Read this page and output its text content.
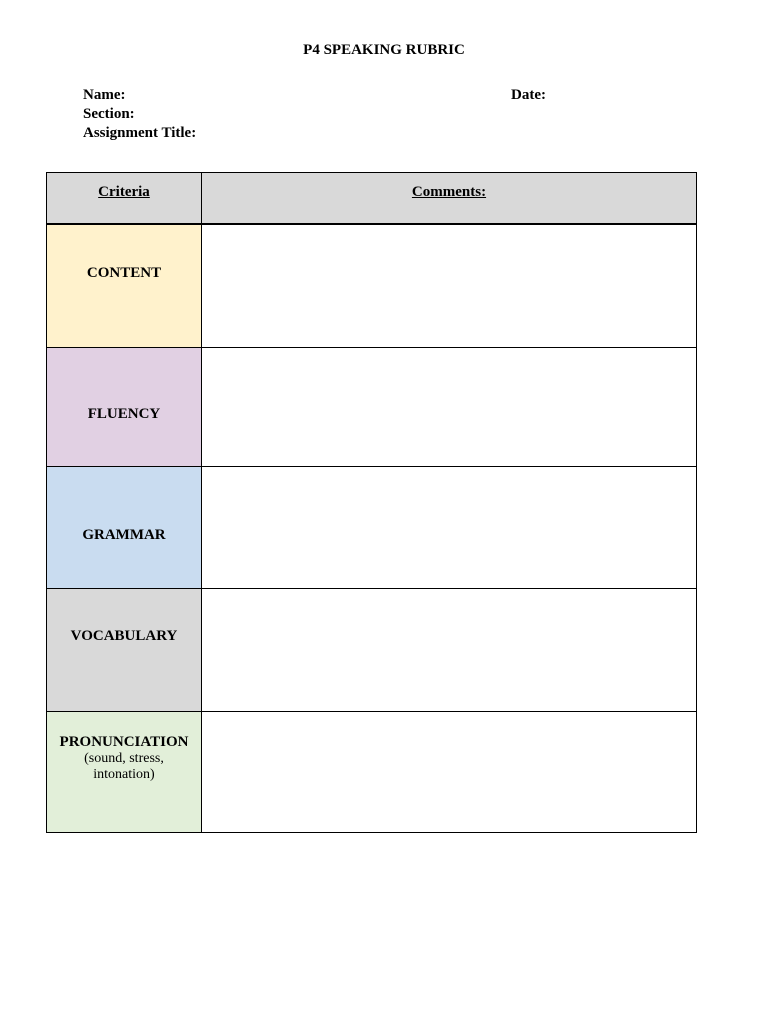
P4 SPEAKING RUBRIC
Name:
Section:
Assignment Title:
Date:
Criteria	Comments:

CONTENT	

FLUENCY	

GRAMMAR	

VOCABULARY	

PRONUNCIATION
(sound, stress, intonation)	
